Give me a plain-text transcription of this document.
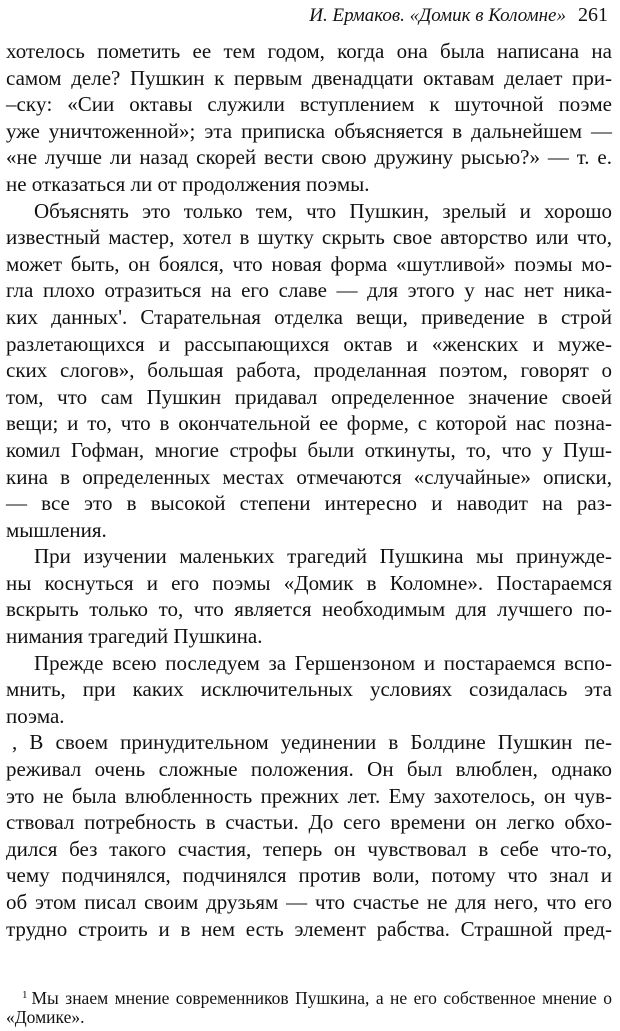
И. Ермаков. «Домик в Коломне» 261
хотелось пометить ее тем годом, когда она была написана на
самом деле? Пушкин к первым двенадцати октавам делает при-
–скy: «Сии октавы служили вступлением к шуточной поэме
уже уничтоженной»; эта приписка объясняется в дальнейшем —
«не лучше ли назад скорей вести свою дружину рысью?» — т. е.
не отказаться ли от продолжения поэмы.
Объяснять это только тем, что Пушкин, зрелый и хорошо
известный мастер, хотел в шутку скрыть свое авторство или что,
может быть, он боялся, что новая форма «шутливой» поэмы мо-
гла плохо отразиться на его славе — для этого у нас нет ника-
ких данных'. Старательная отделка вещи, приведение в строй
разлетающихся и рассыпающихся октав и «женских и муже-
ских слогов», большая работа, проделанная поэтом, говорят о
том, что сам Пушкин придавал определенное значение своей
вещи; и то, что в окончательной ее форме, с которой нас позна-
комил Гофман, многие строфы были откинуты, то, что у Пуш-
кина в определенных местах отмечаются «случайные» описки,
— все это в высокой степени интересно и наводит на раз-
мышления.
При изучении маленьких трагедий Пушкина мы принужде-
ны коснуться и его поэмы «Домик в Коломне». Постараемся
вскрыть только то, что является необходимым для лучшего по-
нимания трагедий Пушкина.
Прежде всею последуем за Гершензоном и постараемся вспо-
мнить, при каких исключительных условиях созидалась эта
поэма.
, В своем принудительном уединении в Болдине Пушкин пе-
реживал очень сложные положения. Он был влюблен, однако
это не была влюбленность прежних лет. Ему захотелось, он чув-
ствовал потребность в счастьи. До сего времени он легко обхо-
дился без такого счастия, теперь он чувствовал в себе что-то,
чему подчинялся, подчинялся против воли, потому что знал и
об этом писал своим друзьям — что счастье не для него, что его
трудно строить и в нем есть элемент рабства. Страшной пред-
$^1$ Мы знаем мнение современников Пушкина, а не его собственное мнение о
«Домике».
